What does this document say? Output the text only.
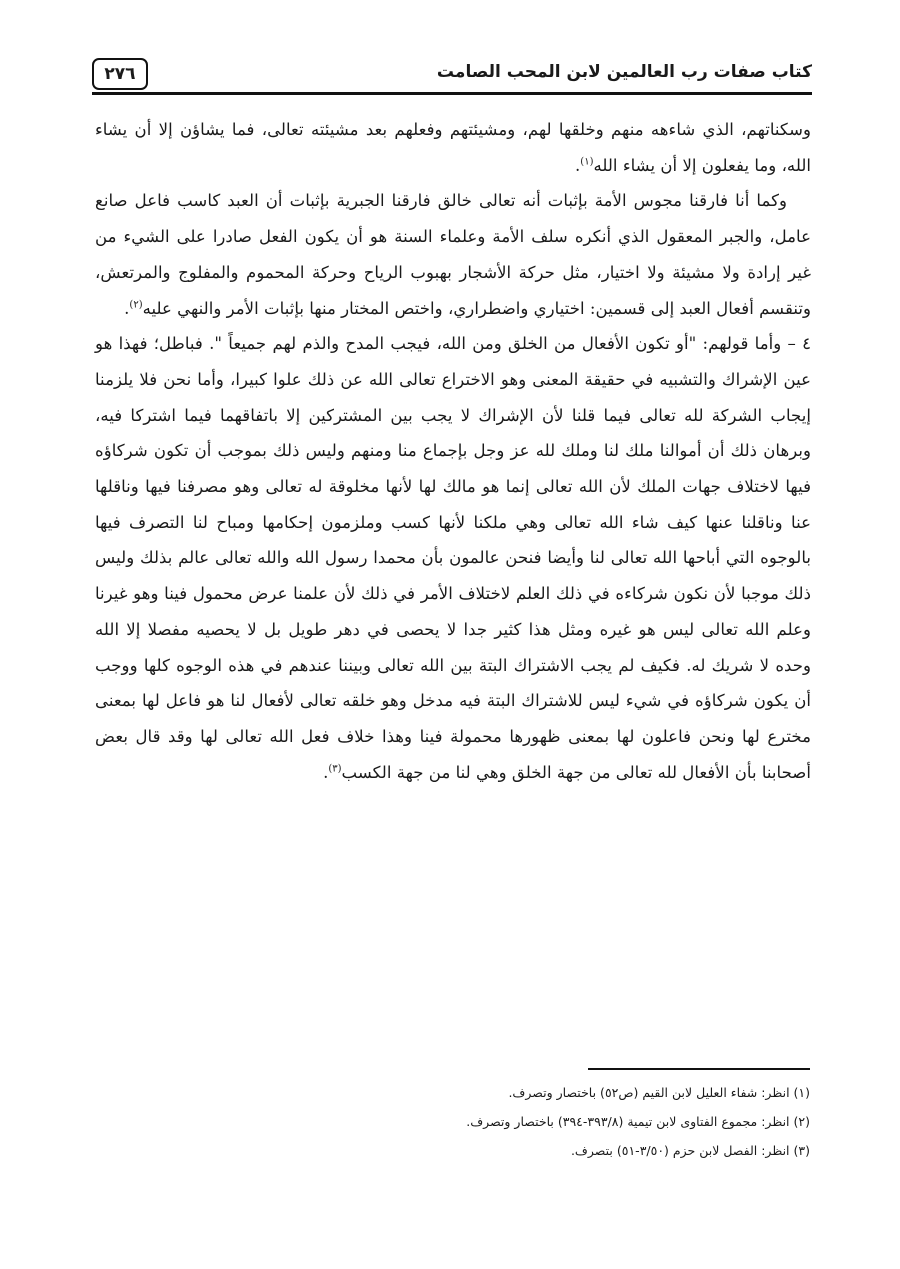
كتاب صفات رب العالمين لابن المحب الصامت
٢٧٦

وسكناتهم، الذي شاءهه منهم وخلقها لهم، ومشيئتهم وفعلهم بعد مشيئته تعالى، فما يشاؤن إلا أن يشاء الله، وما يفعلون إلا أن يشاء الله$^{(١)}$.

وكما أنا فارقنا مجوس الأمة بإثبات أنه تعالى خالق فارقنا الجبرية بإثبات أن العبد كاسب فاعل صانع عامل، والجبر المعقول الذي أنكره سلف الأمة وعلماء السنة هو أن يكون الفعل صادرا على الشيء من غير إرادة ولا مشيئة ولا اختيار، مثل حركة الأشجار بهبوب الرياح وحركة المحموم والمفلوج والمرتعش، وتنقسم أفعال العبد إلى قسمين: اختياري واضطراري، واختص المختار منها بإثبات الأمر والنهي عليه$^{(٢)}$.

٤ – وأما قولهم: "أو تكون الأفعال من الخلق ومن الله، فيجب المدح والذم لهم جميعاً ". فباطل؛ فهذا هو عين الإشراك والتشبيه في حقيقة المعنى وهو الاختراع تعالى الله عن ذلك علوا كبيرا، وأما نحن فلا يلزمنا إيجاب الشركة لله تعالى فيما قلنا لأن الإشراك لا يجب بين المشتركين إلا باتفاقهما فيما اشتركا فيه، وبرهان ذلك أن أموالنا ملك لنا وملك لله عز وجل بإجماع منا ومنهم وليس ذلك بموجب أن تكون شركاؤه فيها لاختلاف جهات الملك لأن الله تعالى إنما هو مالك لها لأنها مخلوقة له تعالى وهو مصرفنا فيها وناقلها عنا وناقلنا عنها كيف شاء الله تعالى وهي ملكنا لأنها كسب وملزمون إحكامها ومباح لنا التصرف فيها بالوجوه التي أباحها الله تعالى لنا وأيضا فنحن عالمون بأن محمدا رسول الله والله تعالى عالم بذلك وليس ذلك موجبا لأن نكون شركاءه في ذلك العلم لاختلاف الأمر في ذلك لأن علمنا عرض محمول فينا وهو غيرنا وعلم الله تعالى ليس هو غيره ومثل هذا كثير جدا لا يحصى في دهر طويل بل لا يحصيه مفصلا إلا الله وحده لا شريك له. فكيف لم يجب الاشتراك البتة بين الله تعالى وبيننا عندهم في هذه الوجوه كلها ووجب أن يكون شركاؤه في شيء ليس للاشتراك البتة فيه مدخل وهو خلقه تعالى لأفعال لنا هو فاعل لها بمعنى مخترع لها ونحن فاعلون لها بمعنى ظهورها محمولة فينا وهذا خلاف فعل الله تعالى لها وقد قال بعض أصحابنا بأن الأفعال لله تعالى من جهة الخلق وهي لنا من جهة الكسب$^{(٣)}$.

(١) انظر: شفاء العليل لابن القيم (ص٥٢) باختصار وتصرف.

(٢) انظر: مجموع الفتاوى لابن تيمية (٣٩٣/٨-٣٩٤) باختصار وتصرف.

(٣) انظر: الفصل لابن حزم (٣/٥٠-٥١) بتصرف.
